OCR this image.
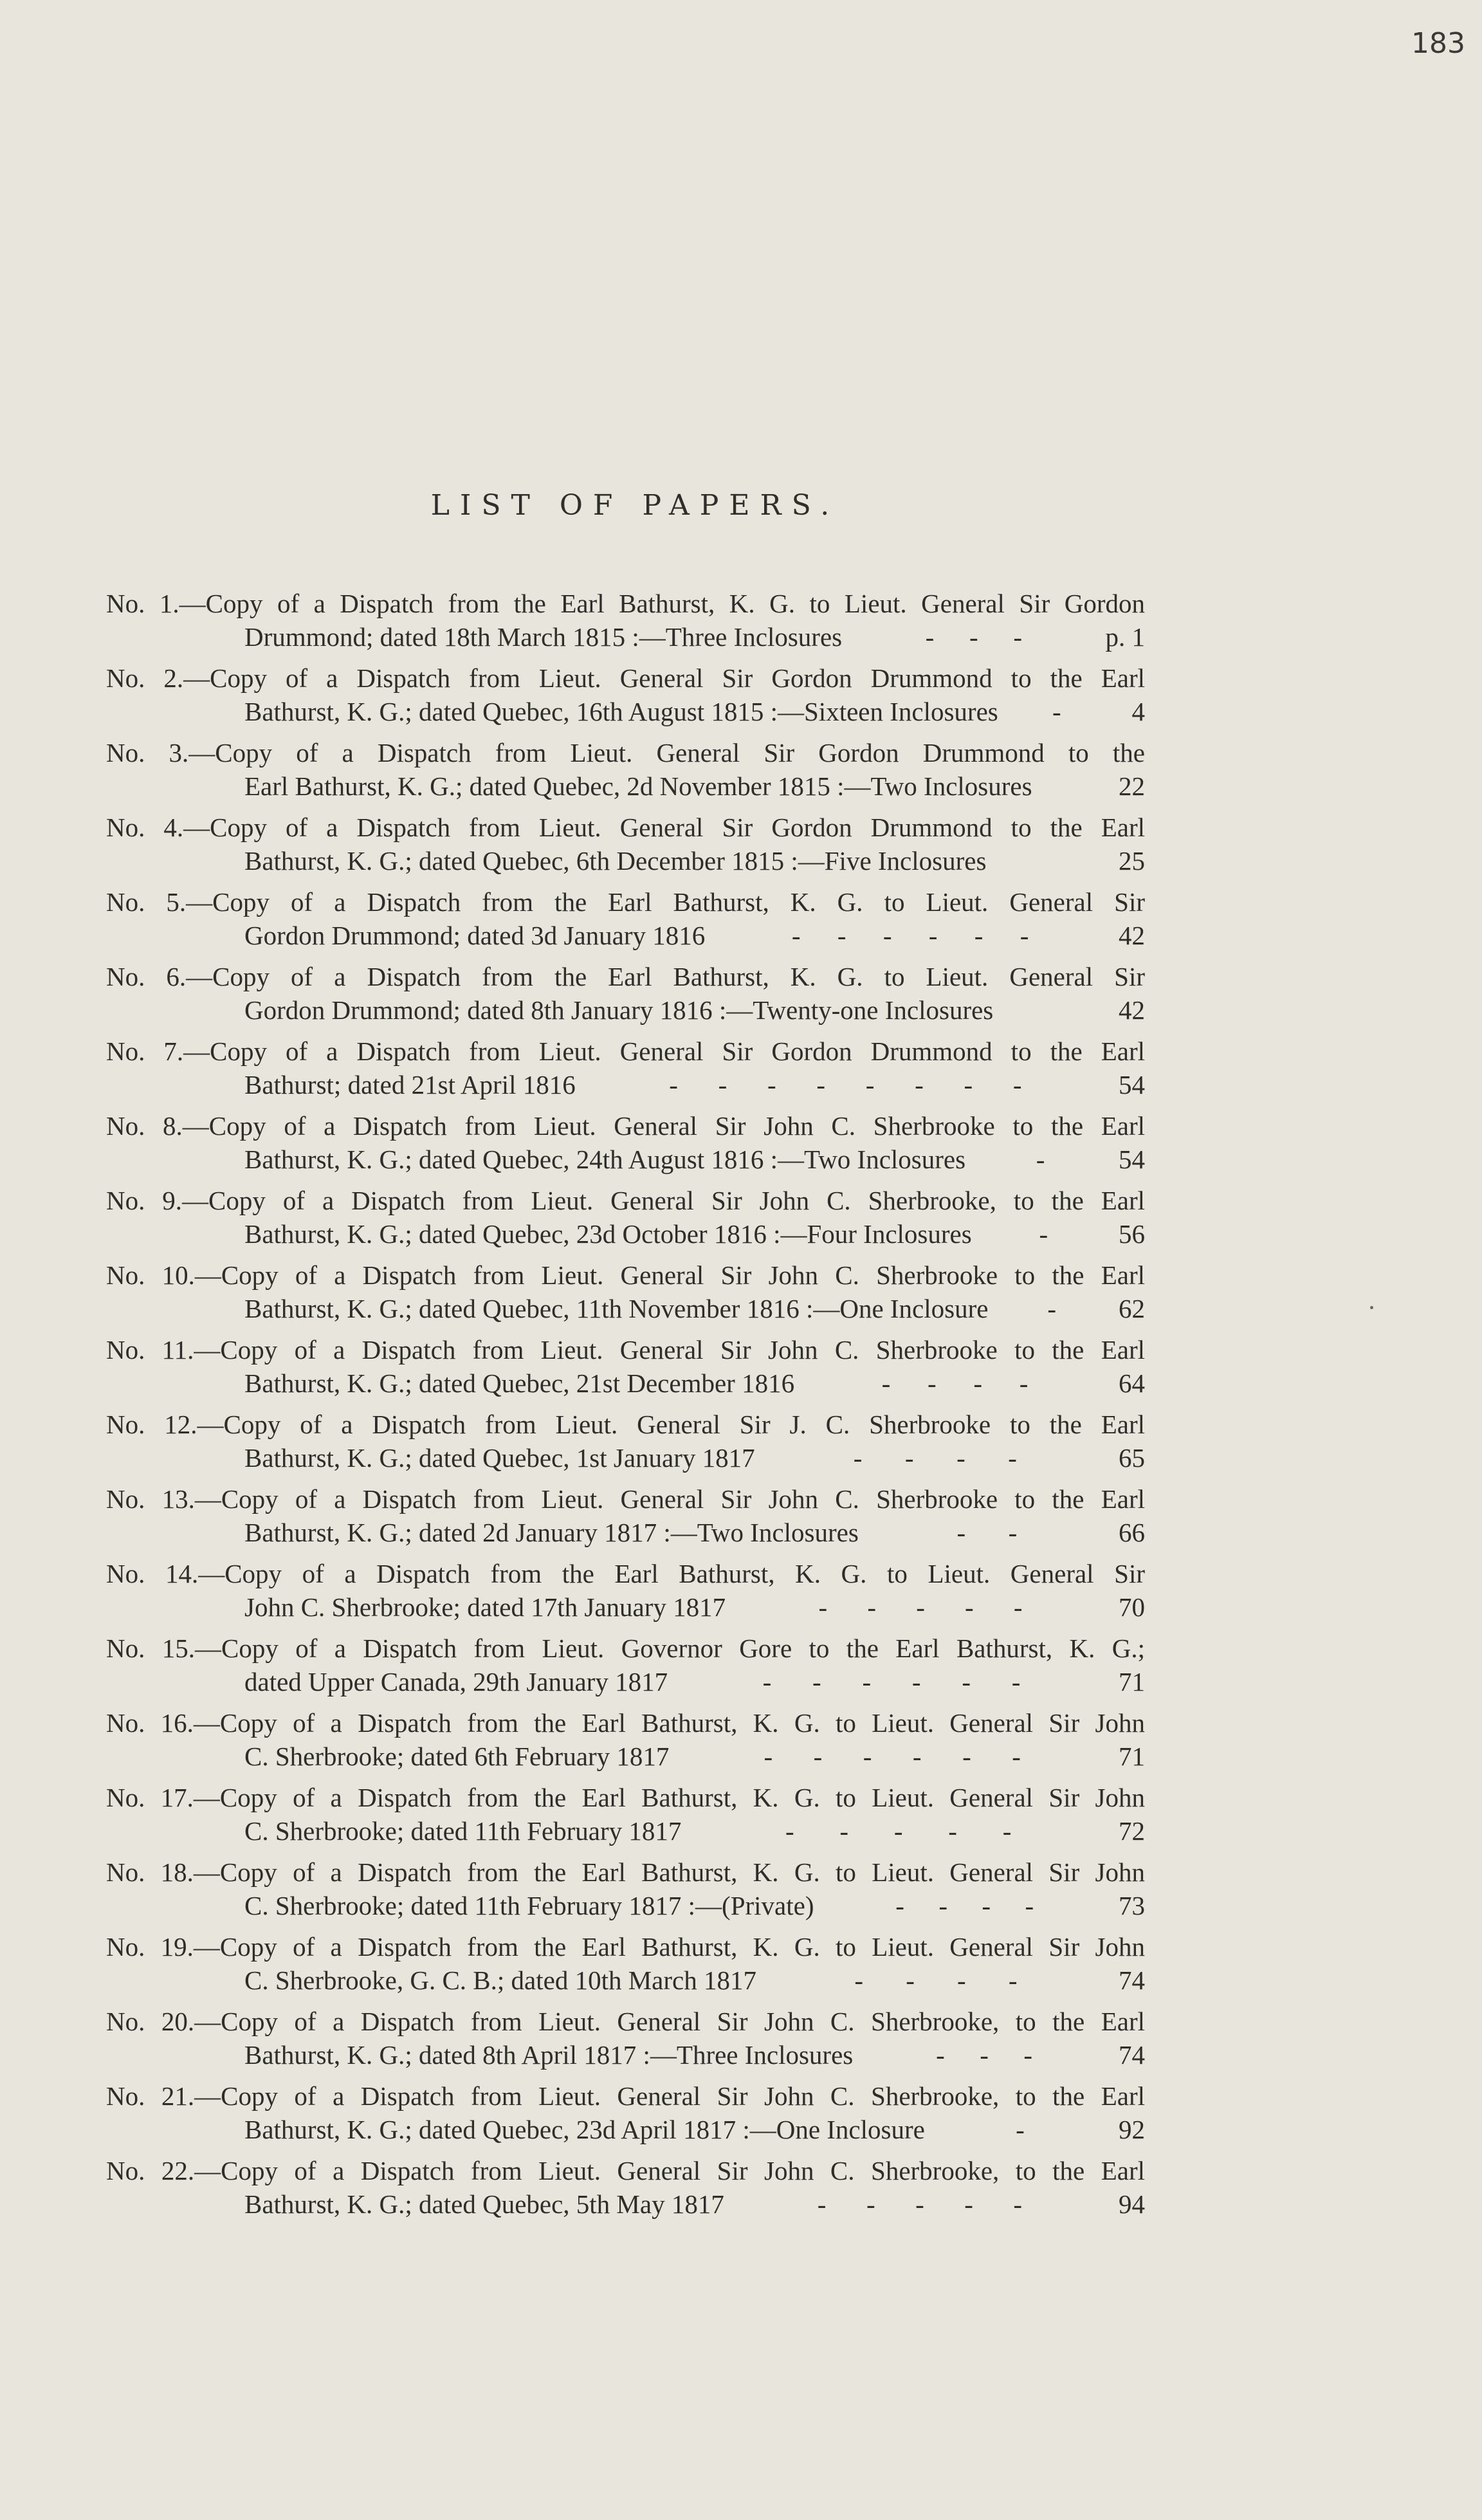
183
LIST OF PAPERS.
No. 1.—Copy of a Dispatch from the Earl Bathurst, K. G. to Lieut. General Sir Gordon
Drummond; dated 18th March 1815 :—Three Inclosures	- - -	p. 1
No. 2.—Copy of a Dispatch from Lieut. General Sir Gordon Drummond to the Earl
Bathurst, K. G.; dated Quebec, 16th August 1815 :—Sixteen Inclosures -	4
No. 3.—Copy of a Dispatch from Lieut. General Sir Gordon Drummond to the
Earl Bathurst, K. G.; dated Quebec, 2d November 1815 :—Two Inclosures	22
No. 4.—Copy of a Dispatch from Lieut. General Sir Gordon Drummond to the Earl
Bathurst, K. G.; dated Quebec, 6th December 1815 :—Five Inclosures	25
No. 5.—Copy of a Dispatch from the Earl Bathurst, K. G. to Lieut. General Sir
Gordon Drummond; dated 3d January 1816	- - - - - -	42
No. 6.—Copy of a Dispatch from the Earl Bathurst, K. G. to Lieut. General Sir
Gordon Drummond; dated 8th January 1816 :—Twenty-one Inclosures	42
No. 7.—Copy of a Dispatch from Lieut. General Sir Gordon Drummond to the Earl
Bathurst; dated 21st April 1816	- - - - - - - -	54
No. 8.—Copy of a Dispatch from Lieut. General Sir John C. Sherbrooke to the Earl
Bathurst, K. G.; dated Quebec, 24th August 1816 :—Two Inclosures	-	54
No. 9.—Copy of a Dispatch from Lieut. General Sir John C. Sherbrooke, to the Earl
Bathurst, K. G.; dated Quebec, 23d October 1816 :—Four Inclosures	-	56
No. 10.—Copy of a Dispatch from Lieut. General Sir John C. Sherbrooke to the Earl
Bathurst, K. G.; dated Quebec, 11th November 1816 :—One Inclosure - 62
No. 11.—Copy of a Dispatch from Lieut. General Sir John C. Sherbrooke to the Earl
Bathurst, K. G.; dated Quebec, 21st December 1816	- - - -	64
No. 12.—Copy of a Dispatch from Lieut. General Sir J. C. Sherbrooke to the Earl
Bathurst, K. G.; dated Quebec, 1st January 1817	- - - -	65
No. 13.—Copy of a Dispatch from Lieut. General Sir John C. Sherbrooke to the Earl
Bathurst, K. G.; dated 2d January 1817 :—Two Inclosures	- -	66
No. 14.—Copy of a Dispatch from the Earl Bathurst, K. G. to Lieut. General Sir
John C. Sherbrooke; dated 17th January 1817	- - - - -	70
No. 15.—Copy of a Dispatch from Lieut. Governor Gore to the Earl Bathurst, K. G.;
dated Upper Canada, 29th January 1817	- - - - - -	71
No. 16.—Copy of a Dispatch from the Earl Bathurst, K. G. to Lieut. General Sir John
C. Sherbrooke; dated 6th February 1817	- - - - - -	71
No. 17.—Copy of a Dispatch from the Earl Bathurst, K. G. to Lieut. General Sir John
C. Sherbrooke; dated 11th February 1817	- - - - -	72
No. 18.—Copy of a Dispatch from the Earl Bathurst, K. G. to Lieut. General Sir John
C. Sherbrooke; dated 11th February 1817 :—(Private)	- - - -	73
No. 19.—Copy of a Dispatch from the Earl Bathurst, K. G. to Lieut. General Sir John
C. Sherbrooke, G. C. B.; dated 10th March 1817	- - - -	74
No. 20.—Copy of a Dispatch from Lieut. General Sir John C. Sherbrooke, to the Earl
Bathurst, K. G.; dated 8th April 1817 :—Three Inclosures	- - -	74
No. 21.—Copy of a Dispatch from Lieut. General Sir John C. Sherbrooke, to the Earl
Bathurst, K. G.; dated Quebec, 23d April 1817 :—One Inclosure	-	92
No. 22.—Copy of a Dispatch from Lieut. General Sir John C. Sherbrooke, to the Earl
Bathurst, K. G.; dated Quebec, 5th May 1817	- - - - -	94
